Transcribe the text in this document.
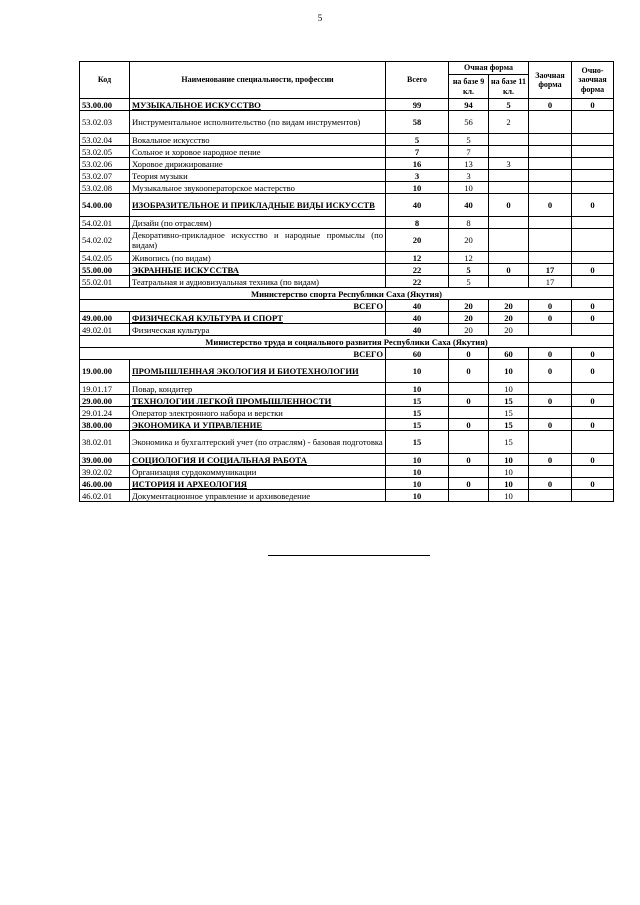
5
Код	Наименование специальности, профессии	Всего	Очная форма		Заочная форма	Очно-заочная форма
			на базе 9 кл.	на базе 11 кл.		
53.00.00	МУЗЫКАЛЬНОЕ ИСКУССТВО	99	94	5	0	0
53.02.03	Инструментальное исполнительство (по видам инструментов)	58	56	2		
53.02.04	Вокальное искусство	5	5			
53.02.05	Сольное и хоровое народное пение	7	7			
53.02.06	Хоровое дирижирование	16	13	3		
53.02.07	Теория музыки	3	3			
53.02.08	Музыкальное звукооператорское мастерство	10	10			
54.00.00	ИЗОБРАЗИТЕЛЬНОЕ И ПРИКЛАДНЫЕ ВИДЫ ИСКУССТВ	40	40	0	0	0
54.02.01	Дизайн (по отраслям)	8	8			
54.02.02	Декоративно-прикладное искусство и народные промыслы (по видам)	20	20			
54.02.05	Живопись (по видам)	12	12			
55.00.00	ЭКРАННЫЕ ИСКУССТВА	22	5	0	17	0
55.02.01	Театральная и аудиовизуальная техника (по видам)	22	5		17	
Министерство спорта Республики Саха (Якутия)						
ВСЕГО		40	20	20	0	0
49.00.00	ФИЗИЧЕСКАЯ КУЛЬТУРА И СПОРТ	40	20	20	0	0
49.02.01	Физическая культура	40	20	20		
Министерство труда и социального развития Республики Саха (Якутия)						
ВСЕГО		60	0	60	0	0
19.00.00	ПРОМЫШЛЕННАЯ ЭКОЛОГИЯ И БИОТЕХНОЛОГИИ	10	0	10	0	0
19.01.17	Повар, кондитер	10		10		
29.00.00	ТЕХНОЛОГИИ ЛЕГКОЙ ПРОМЫШЛЕННОСТИ	15	0	15	0	0
29.01.24	Оператор электронного набора и верстки	15		15		
38.00.00	ЭКОНОМИКА И УПРАВЛЕНИЕ	15	0	15	0	0
38.02.01	Экономика и бухгалтерский учет (по отраслям) - базовая подготовка	15		15		
39.00.00	СОЦИОЛОГИЯ И СОЦИАЛЬНАЯ РАБОТА	10	0	10	0	0
39.02.02	Организация сурдокоммуникации	10		10		
46.00.00	ИСТОРИЯ И АРХЕОЛОГИЯ	10	0	10	0	0
46.02.01	Документационное управление и архивоведение	10		10		
